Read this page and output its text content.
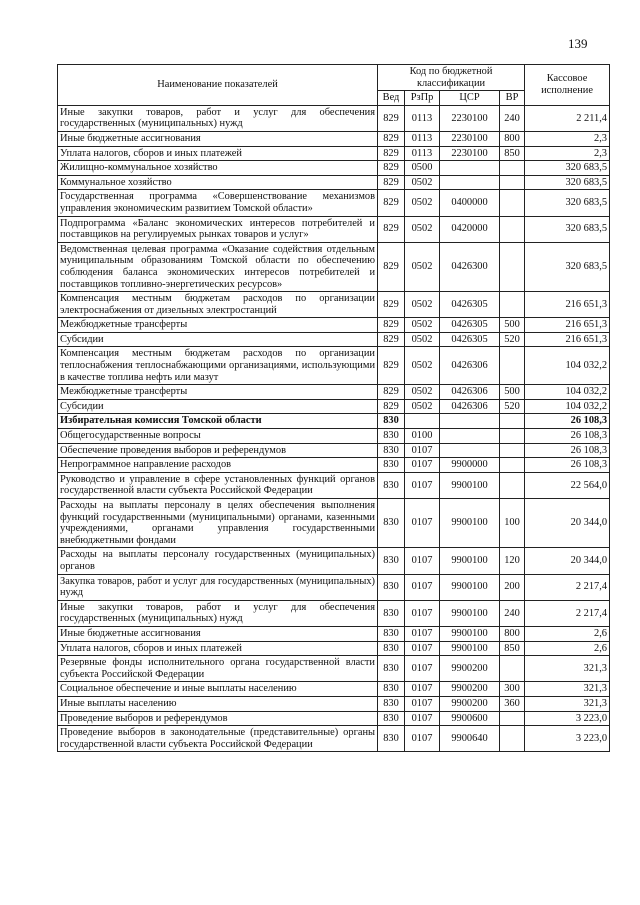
139
Наименование показателей	Код по бюджетной классификации				Кассовое исполнение
	Вед	РзПр	ЦСР	ВР	
Иные закупки товаров, работ и услуг для обеспечения государственных (муниципальных) нужд	829	0113	2230100	240	2 211,4
Иные бюджетные ассигнования	829	0113	2230100	800	2,3
Уплата налогов, сборов и иных платежей	829	0113	2230100	850	2,3
Жилищно-коммунальное хозяйство	829	0500			320 683,5
Коммунальное хозяйство	829	0502			320 683,5
Государственная программа «Совершенствование механизмов управления экономическим развитием Томской области»	829	0502	0400000		320 683,5
Подпрограмма «Баланс экономических интересов потребителей и поставщиков на регулируемых рынках товаров и услуг»	829	0502	0420000		320 683,5
Ведомственная целевая программа «Оказание содействия отдельным муниципальным образованиям Томской области по обеспечению соблюдения баланса экономических интересов потребителей и поставщиков топливно-энергетических ресурсов»	829	0502	0426300		320 683,5
Компенсация местным бюджетам расходов по организации электроснабжения от дизельных электростанций	829	0502	0426305		216 651,3
Межбюджетные трансферты	829	0502	0426305	500	216 651,3
Субсидии	829	0502	0426305	520	216 651,3
Компенсация местным бюджетам расходов по организации теплоснабжения теплоснабжающими организациями, использующими в качестве топлива нефть или мазут	829	0502	0426306		104 032,2
Межбюджетные трансферты	829	0502	0426306	500	104 032,2
Субсидии	829	0502	0426306	520	104 032,2
Избирательная комиссия Томской области	830				26 108,3
Общегосударственные вопросы	830	0100			26 108,3
Обеспечение проведения выборов и референдумов	830	0107			26 108,3
Непрограммное направление расходов	830	0107	9900000		26 108,3
Руководство и управление в сфере установленных функций органов государственной власти субъекта Российской Федерации	830	0107	9900100		22 564,0
Расходы на выплаты персоналу в целях обеспечения выполнения функций государственными (муниципальными) органами, казенными учреждениями, органами управления государственными внебюджетными фондами	830	0107	9900100	100	20 344,0
Расходы на выплаты персоналу государственных (муниципальных) органов	830	0107	9900100	120	20 344,0
Закупка товаров, работ и услуг для государственных (муниципальных) нужд	830	0107	9900100	200	2 217,4
Иные закупки товаров, работ и услуг для обеспечения государственных (муниципальных) нужд	830	0107	9900100	240	2 217,4
Иные бюджетные ассигнования	830	0107	9900100	800	2,6
Уплата налогов, сборов и иных платежей	830	0107	9900100	850	2,6
Резервные фонды исполнительного органа государственной власти субъекта Российской Федерации	830	0107	9900200		321,3
Социальное обеспечение и иные выплаты населению	830	0107	9900200	300	321,3
Иные выплаты населению	830	0107	9900200	360	321,3
Проведение выборов и референдумов	830	0107	9900600		3 223,0
Проведение выборов в законодательные (представительные) органы государственной власти субъекта Российской Федерации	830	0107	9900640		3 223,0
